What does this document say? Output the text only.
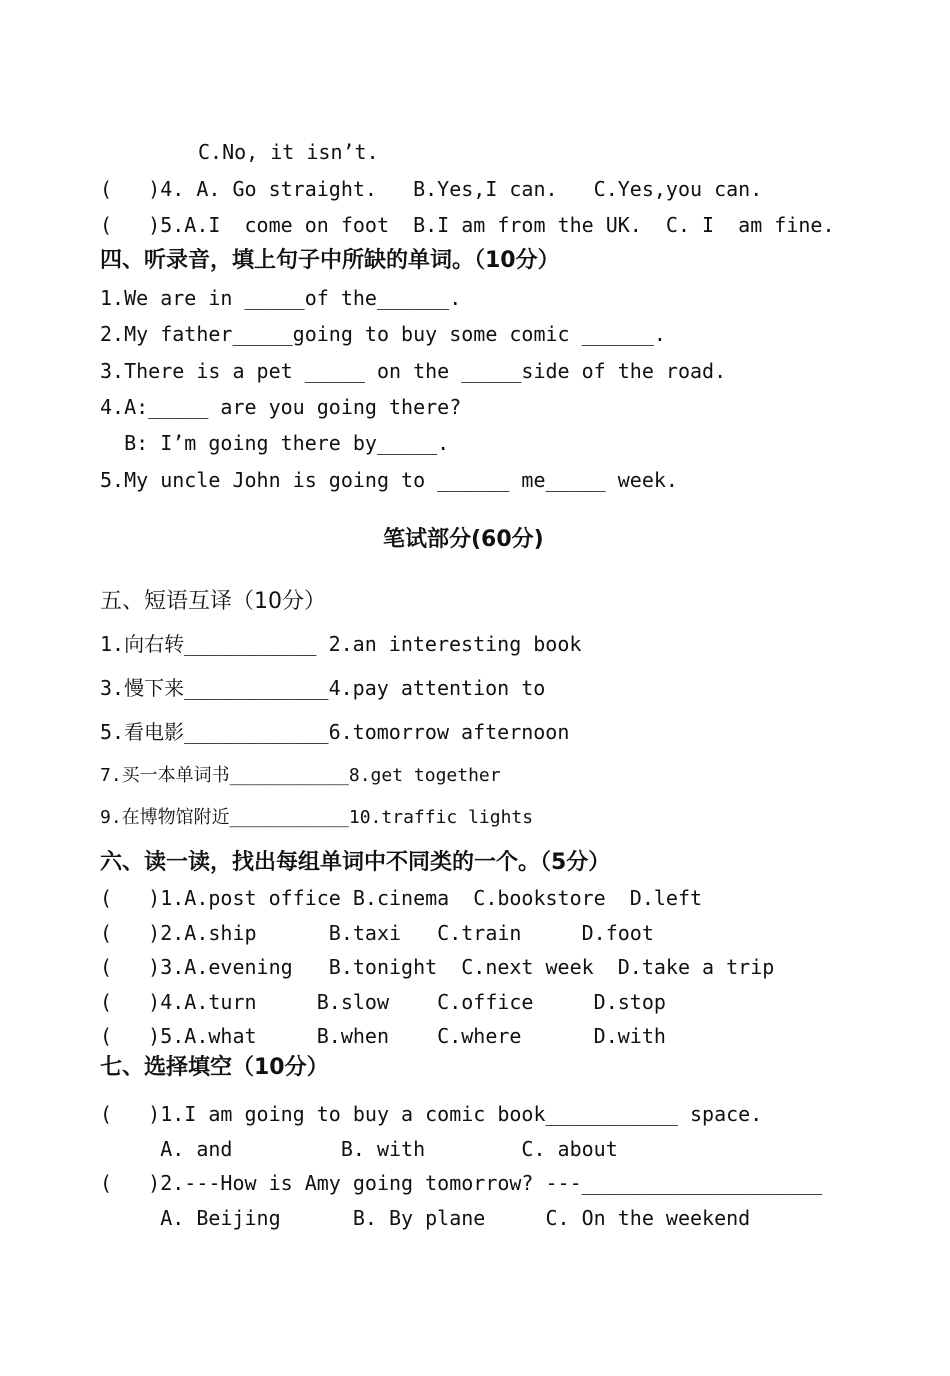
C.No, it isn’t.
(   )4. A. Go straight.   B.Yes,I can.   C.Yes,you can.
(   )5.A.I  come on foot  B.I am from the UK.  C. I  am fine.
四、听录音，填上句子中所缺的单词。（10分）
1.We are in _____of the______.
2.My father_____going to buy some comic ______.
3.There is a pet _____ on the _____side of the road.
4.A:_____ are you going there?
B: I’m going there by_____.
5.My uncle John is going to ______ me_____ week.
笔试部分(60分)
五、短语互译（10分）
1.向右转___________ 2.an interesting book
3.慢下来____________4.pay attention to
5.看电影____________6.tomorrow afternoon
7.买一本单词书___________8.get together
9.在博物馆附近___________10.traffic lights
六、读一读，找出每组单词中不同类的一个。（5分）
(   )1.A.post office B.cinema  C.bookstore  D.left
(   )2.A.ship      B.taxi   C.train     D.foot
(   )3.A.evening   B.tonight  C.next week  D.take a trip
(   )4.A.turn     B.slow    C.office     D.stop
(   )5.A.what     B.when    C.where      D.with
七、选择填空（10分）
(   )1.I am going to buy a comic book___________ space.
A. and         B. with        C. about
(   )2.---How is Amy going tomorrow? ---____________________
A. Beijing      B. By plane     C. On the weekend
